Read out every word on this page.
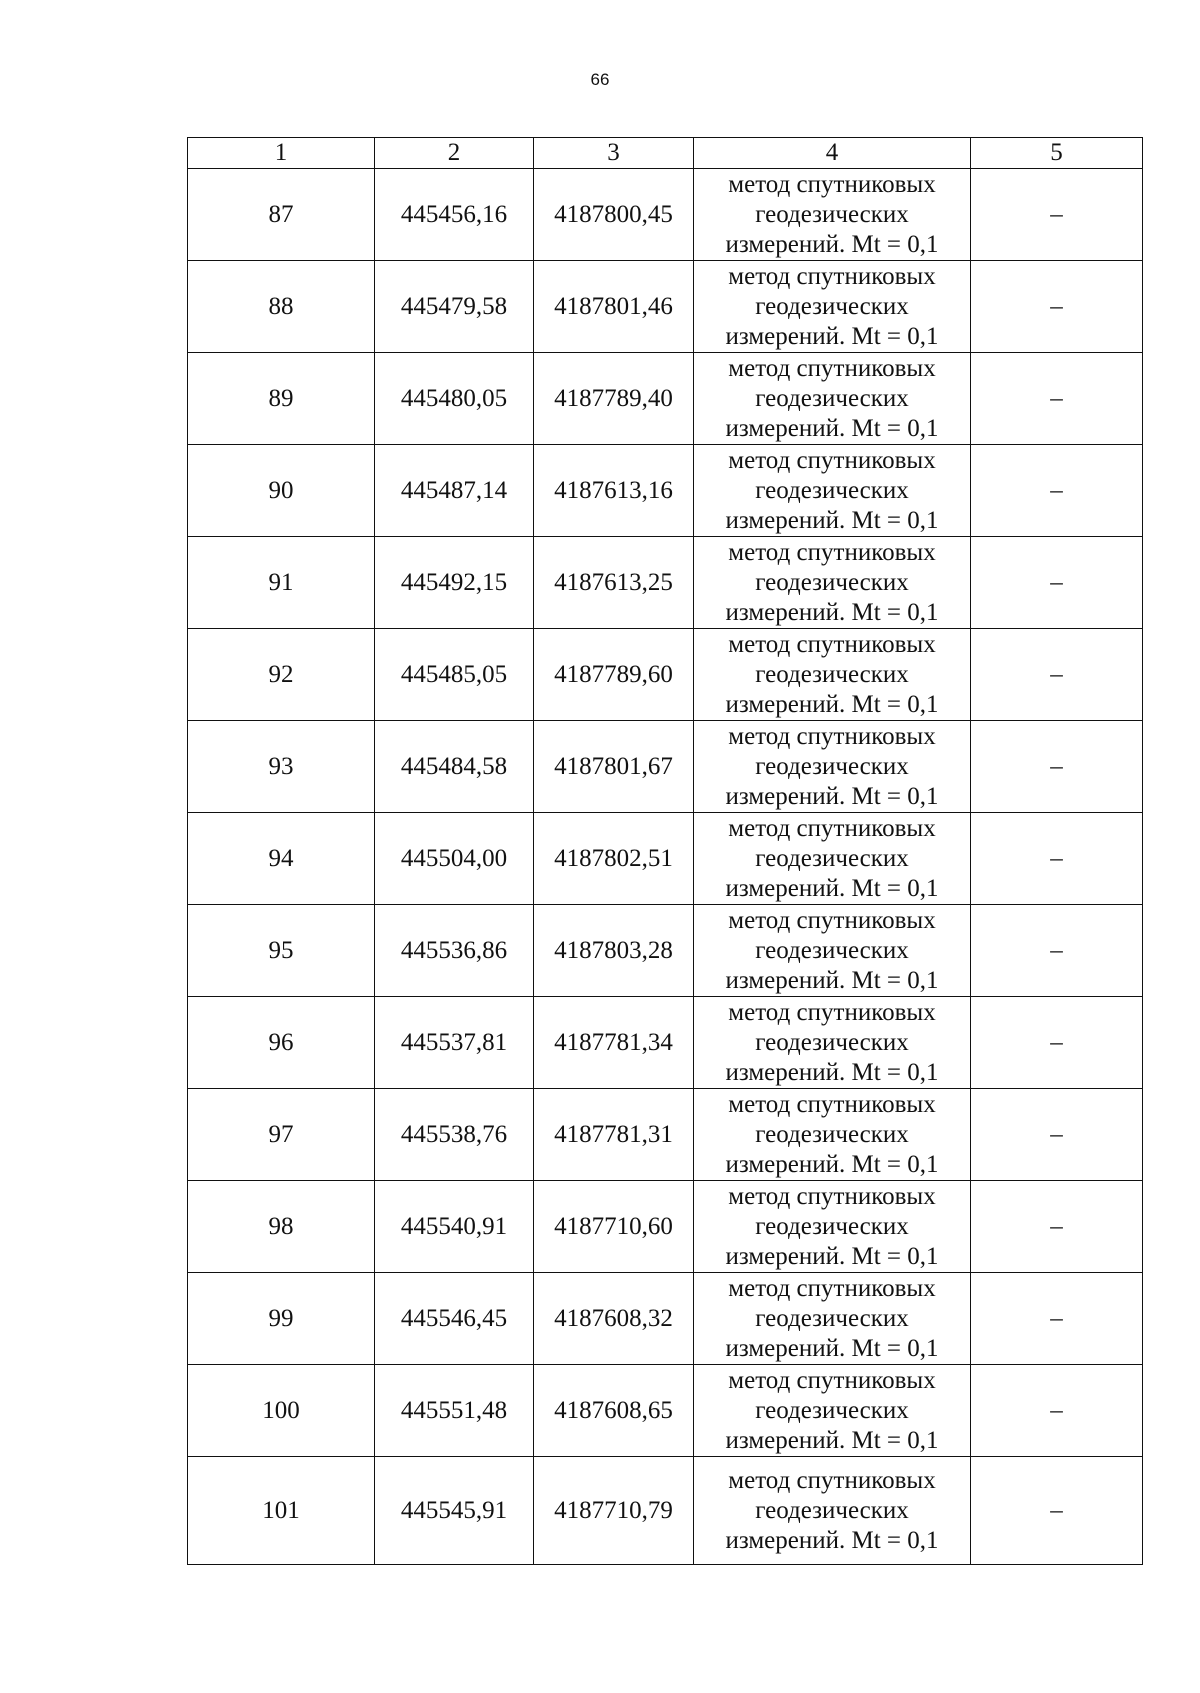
66
1	2	3	4	5
87	445456,16	4187800,45	метод спутниковых
геодезических
измерений. Mt = 0,1	–
88	445479,58	4187801,46	метод спутниковых
геодезических
измерений. Mt = 0,1	–
89	445480,05	4187789,40	метод спутниковых
геодезических
измерений. Mt = 0,1	–
90	445487,14	4187613,16	метод спутниковых
геодезических
измерений. Mt = 0,1	–
91	445492,15	4187613,25	метод спутниковых
геодезических
измерений. Mt = 0,1	–
92	445485,05	4187789,60	метод спутниковых
геодезических
измерений. Mt = 0,1	–
93	445484,58	4187801,67	метод спутниковых
геодезических
измерений. Mt = 0,1	–
94	445504,00	4187802,51	метод спутниковых
геодезических
измерений. Mt = 0,1	–
95	445536,86	4187803,28	метод спутниковых
геодезических
измерений. Mt = 0,1	–
96	445537,81	4187781,34	метод спутниковых
геодезических
измерений. Mt = 0,1	–
97	445538,76	4187781,31	метод спутниковых
геодезических
измерений. Mt = 0,1	–
98	445540,91	4187710,60	метод спутниковых
геодезических
измерений. Mt = 0,1	–
99	445546,45	4187608,32	метод спутниковых
геодезических
измерений. Mt = 0,1	–
100	445551,48	4187608,65	метод спутниковых
геодезических
измерений. Mt = 0,1	–
101	445545,91	4187710,79	метод спутниковых
геодезических
измерений. Mt = 0,1	–
